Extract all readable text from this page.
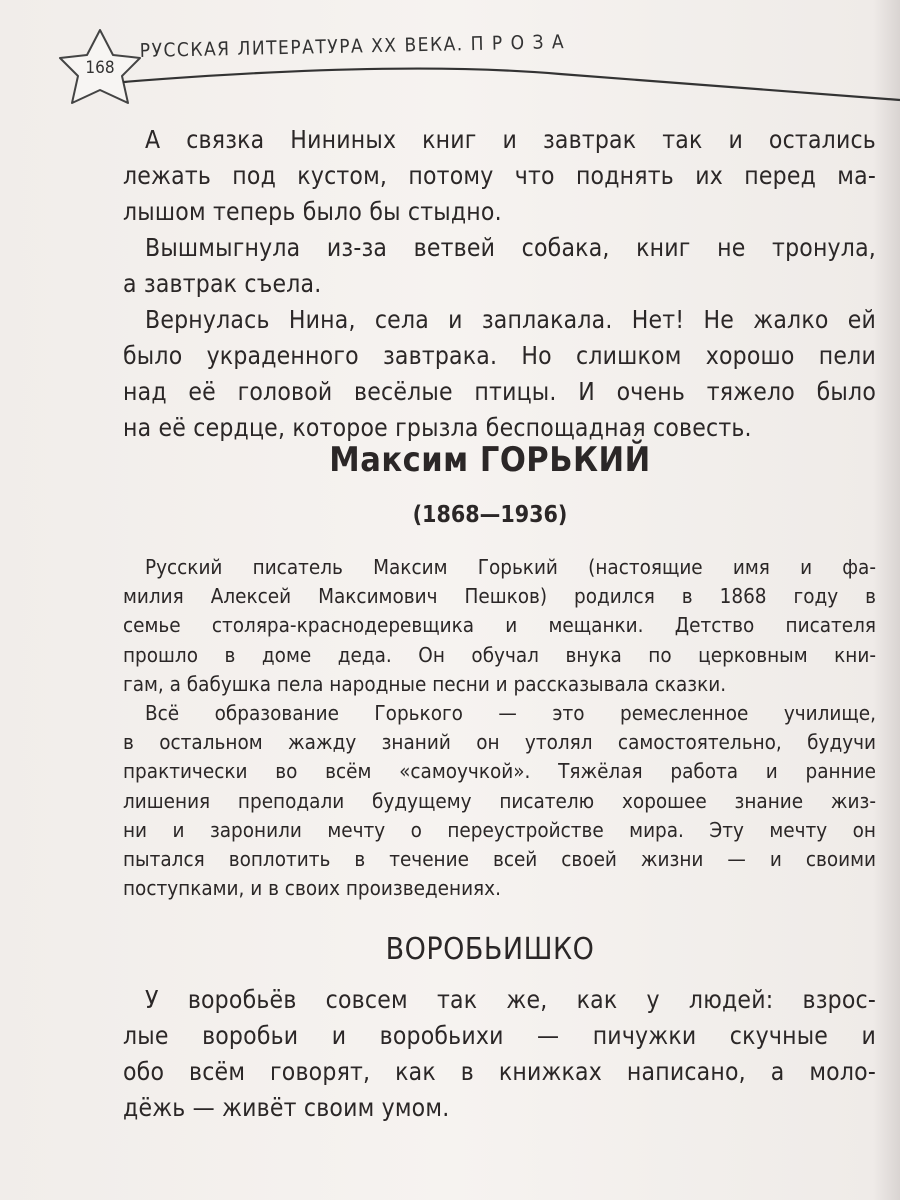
168
РУССКАЯ ЛИТЕРАТУРА ХХ ВЕКА. П Р О З А
А связка Нининых книг и завтрак так и остались
лежать под кустом, потому что поднять их перед ма-
лышом теперь было бы стыдно.
Вышмыгнула из-за ветвей собака, книг не тронула,
а завтрак съела.
Вернулась Нина, села и заплакала. Нет! Не жалко ей
было украденного завтрака. Но слишком хорошо пели
над её головой весёлые птицы. И очень тяжело было
на её сердце, которое грызла беспощадная совесть.
Максим ГОРЬКИЙ
(1868—1936)
Русский писатель Максим Горький (настоящие имя и фа-
милия Алексей Максимович Пешков) родился в 1868 году в
семье столяра-краснодеревщика и мещанки. Детство писателя
прошло в доме деда. Он обучал внука по церковным кни-
гам, а бабушка пела народные песни и рассказывала сказки.
Всё образование Горького — это ремесленное училище,
в остальном жажду знаний он утолял самостоятельно, будучи
практически во всём «самоучкой». Тяжёлая работа и ранние
лишения преподали будущему писателю хорошее знание жиз-
ни и заронили мечту о переустройстве мира. Эту мечту он
пытался воплотить в течение всей своей жизни — и своими
поступками, и в своих произведениях.
ВОРОБЬИШКО
У воробьёв совсем так же, как у людей: взрос-
лые воробьи и воробьихи — пичужки скучные и
обо всём говорят, как в книжках написано, а моло-
дёжь — живёт своим умом.
